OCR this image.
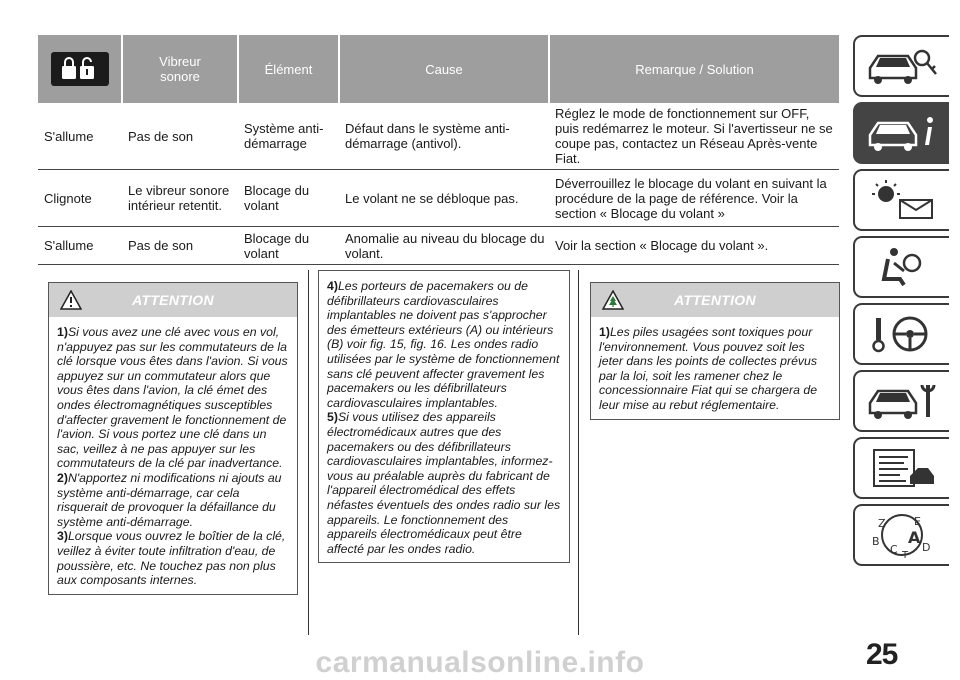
	Vibreur sonore	Élément	Cause	Remarque / Solution
S'allume	Pas de son	Système anti-démarrage	Défaut dans le système anti-démarrage (antivol).	Réglez le mode de fonctionnement sur OFF, puis redémarrez le moteur. Si l'avertisseur ne se coupe pas, contactez un Réseau Après-vente Fiat.
Clignote	Le vibreur sonore intérieur retentit.	Blocage du volant	Le volant ne se débloque pas.	Déverrouillez le blocage du volant en suivant la procédure de la page de référence. Voir la section « Blocage du volant »
S'allume	Pas de son	Blocage du volant	Anomalie au niveau du blocage du volant.	Voir la section « Blocage du volant ».
ATTENTION

1)Si vous avez une clé avec vous en vol, n'appuyez pas sur les commutateurs de la clé lorsque vous êtes dans l'avion. Si vous appuyez sur un commutateur alors que vous êtes dans l'avion, la clé émet des ondes électromagnétiques susceptibles d'affecter gravement le fonctionnement de l'avion. Si vous portez une clé dans un sac, veillez à ne pas appuyer sur les commutateurs de la clé par inadvertance.

2)N'apportez ni modifications ni ajouts au système anti-démarrage, car cela risquerait de provoquer la défaillance du système anti-démarrage.

3)Lorsque vous ouvrez le boîtier de la clé, veillez à éviter toute infiltration d'eau, de poussière, etc. Ne touchez pas non plus aux composants internes.

4)Les porteurs de pacemakers ou de défibrillateurs cardiovasculaires implantables ne doivent pas s'approcher des émetteurs extérieurs (A) ou intérieurs (B) voir fig. 15, fig. 16. Les ondes radio utilisées par le système de fonctionnement sans clé peuvent affecter gravement les pacemakers ou les défibrillateurs cardiovasculaires implantables.

5)Si vous utilisez des appareils électromédicaux autres que des pacemakers ou des défibrillateurs cardiovasculaires implantables, informez-vous au préalable auprès du fabricant de l'appareil électromédical des effets néfastes éventuels des ondes radio sur les appareils. Le fonctionnement des appareils électromédicaux peut être affecté par les ondes radio.

ATTENTION

1)Les piles usagées sont toxiques pour l'environnement. Vous pouvez soit les jeter dans les points de collectes prévus par la loi, soit les ramener chez le concessionnaire Fiat qui se chargera de leur mise au rebut réglementaire.

Z	E
B A
C D
T
25
carmanualsonline.info
